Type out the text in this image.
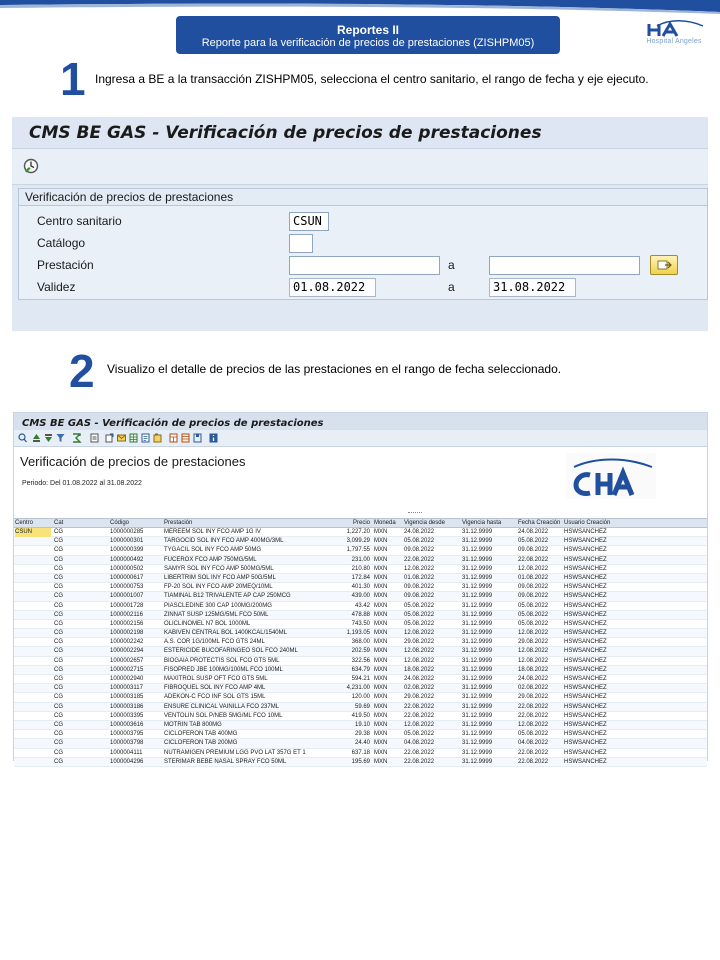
Reportes II
Reporte para la verificación de precios de prestaciones (ZISHPM05)	Hospital Angeles
1 Ingresa a BE a la transacción ZISHPM05, selecciona el centro sanitario, el rango de fecha y eje ejecuto.
CMS BE GAS - Verificación de precios de prestaciones
Verificación de precios de prestaciones
Centro sanitario	CSUN
Catálogo
Prestación	a
Validez	01.08.2022	a	31.08.2022
2 Visualizo el detalle de precios de las prestaciones en el rango de fecha seleccionado.
CMS BE GAS - Verificación de precios de prestaciones
Verificación de precios de prestaciones
Periodo: Del 01.08.2022 al 31.08.2022
Centro	Cat	Código	Prestación	Precio Moneda	Vigencia desde	Vigencia hasta	Fecha Creación Usuario Creación
CSUN	CG	1000000285	MEREEM SOL INY FCO AMP 1G IV	1,227.20 MXN	24.08.2022	31.12.9999	24.08.2022	HSWSANCHEZ
CG	1000000301	TARGOCID SOL INY FCO AMP 400MG/3ML	3,099.29 MXN	05.08.2022	31.12.9999	05.08.2022	HSWSANCHEZ
CG	1000000399	TYGACIL SOL INY FCO AMP 50MG	1,797.55 MXN	09.08.2022	31.12.9999	09.08.2022	HSWSANCHEZ
CG	1000000492	FUCEROX FCO AMP 750MG/5ML	231.00 MXN	22.08.2022	31.12.9999	22.08.2022	HSWSANCHEZ
CG	1000000502	SAMYR SOL INY FCO AMP 500MG/5ML	210.80 MXN	12.08.2022	31.12.9999	12.08.2022	HSWSANCHEZ
CG	1000000617	LIBERTRIM SOL INY FCO AMP 50G/5ML	172.84 MXN	01.08.2022	31.12.9999	01.08.2022	HSWSANCHEZ
CG	1000000753	FP-20 SOL INY FCO AMP 20MEQ/10ML	401.30 MXN	09.08.2022	31.12.9999	09.08.2022	HSWSANCHEZ
CG	1000001007	TIAMINAL B12 TRIVALENTE AP CAP 250MCG	439.00 MXN	09.08.2022	31.12.9999	09.08.2022	HSWSANCHEZ
CG	1000001728	PIASCLEDINE 300 CAP 100MG/200MG	43.42 MXN	05.08.2022	31.12.9999	05.08.2022	HSWSANCHEZ
CG	1000002116	ZINNAT SUSP 125MG/5ML FCO 50ML	478.88 MXN	05.08.2022	31.12.9999	05.08.2022	HSWSANCHEZ
CG	1000002156	OLICLINOMEL N7 BOL 1000ML	743.50 MXN	05.08.2022	31.12.9999	05.08.2022	HSWSANCHEZ
CG	1000002198	KABIVEN CENTRAL BOL 1400KCAL/1540ML	1,193.05 MXN	12.08.2022	31.12.9999	12.08.2022	HSWSANCHEZ
CG	1000002242	A.S. COR 1G/100ML FCO GTS 24ML	368.00 MXN	29.08.2022	31.12.9999	29.08.2022	HSWSANCHEZ
CG	1000002294	ESTERICIDE BUCOFARINGEO SOL FCO 240ML	202.59 MXN	12.08.2022	31.12.9999	12.08.2022	HSWSANCHEZ
CG	1000002657	BIOGAIA PROTECTIS SOL FCO GTS 5ML	322.56 MXN	12.08.2022	31.12.9999	12.08.2022	HSWSANCHEZ
CG	1000002715	FISOPRED JBE 100MG/100ML FCO 100ML	634.79 MXN	18.08.2022	31.12.9999	18.08.2022	HSWSANCHEZ
CG	1000002940	MAXITROL SUSP OFT FCO GTS 5ML	594.21 MXN	24.08.2022	31.12.9999	24.08.2022	HSWSANCHEZ
CG	1000003117	FIBROQUEL SOL INY FCO AMP 4ML	4,231.00 MXN	02.08.2022	31.12.9999	02.08.2022	HSWSANCHEZ
CG	1000003185	ADEKON-C FCO INF SOL GTS 15ML	120.00 MXN	29.08.2022	31.12.9999	29.08.2022	HSWSANCHEZ
CG	1000003186	ENSURE CLINICAL VAINILLA FCO 237ML	59.69 MXN	22.08.2022	31.12.9999	22.08.2022	HSWSANCHEZ
CG	1000003395	VENTOLIN SOL P/NEB 5MG/ML FCO 10ML	419.50 MXN	22.08.2022	31.12.9999	22.08.2022	HSWSANCHEZ
CG	1000003616	MOTRIN TAB 800MG	19.10 MXN	12.08.2022	31.12.9999	12.08.2022	HSWSANCHEZ
CG	1000003795	CICLOFERON TAB 400MG	29.38 MXN	05.08.2022	31.12.9999	05.08.2022	HSWSANCHEZ
CG	1000003798	CICLOFERON TAB 200MG	24.40 MXN	04.08.2022	31.12.9999	04.08.2022	HSWSANCHEZ
CG	1000004111	NUTRAMIGEN PREMIUM LGG PVO LAT 357G ET 1	637.18 MXN	22.08.2022	31.12.9999	22.08.2022	HSWSANCHEZ
CG	1000004296	STERIMAR BEBE NASAL SPRAY FCO 50ML	195.69 MXN	22.08.2022	31.12.9999	22.08.2022	HSWSANCHEZ
